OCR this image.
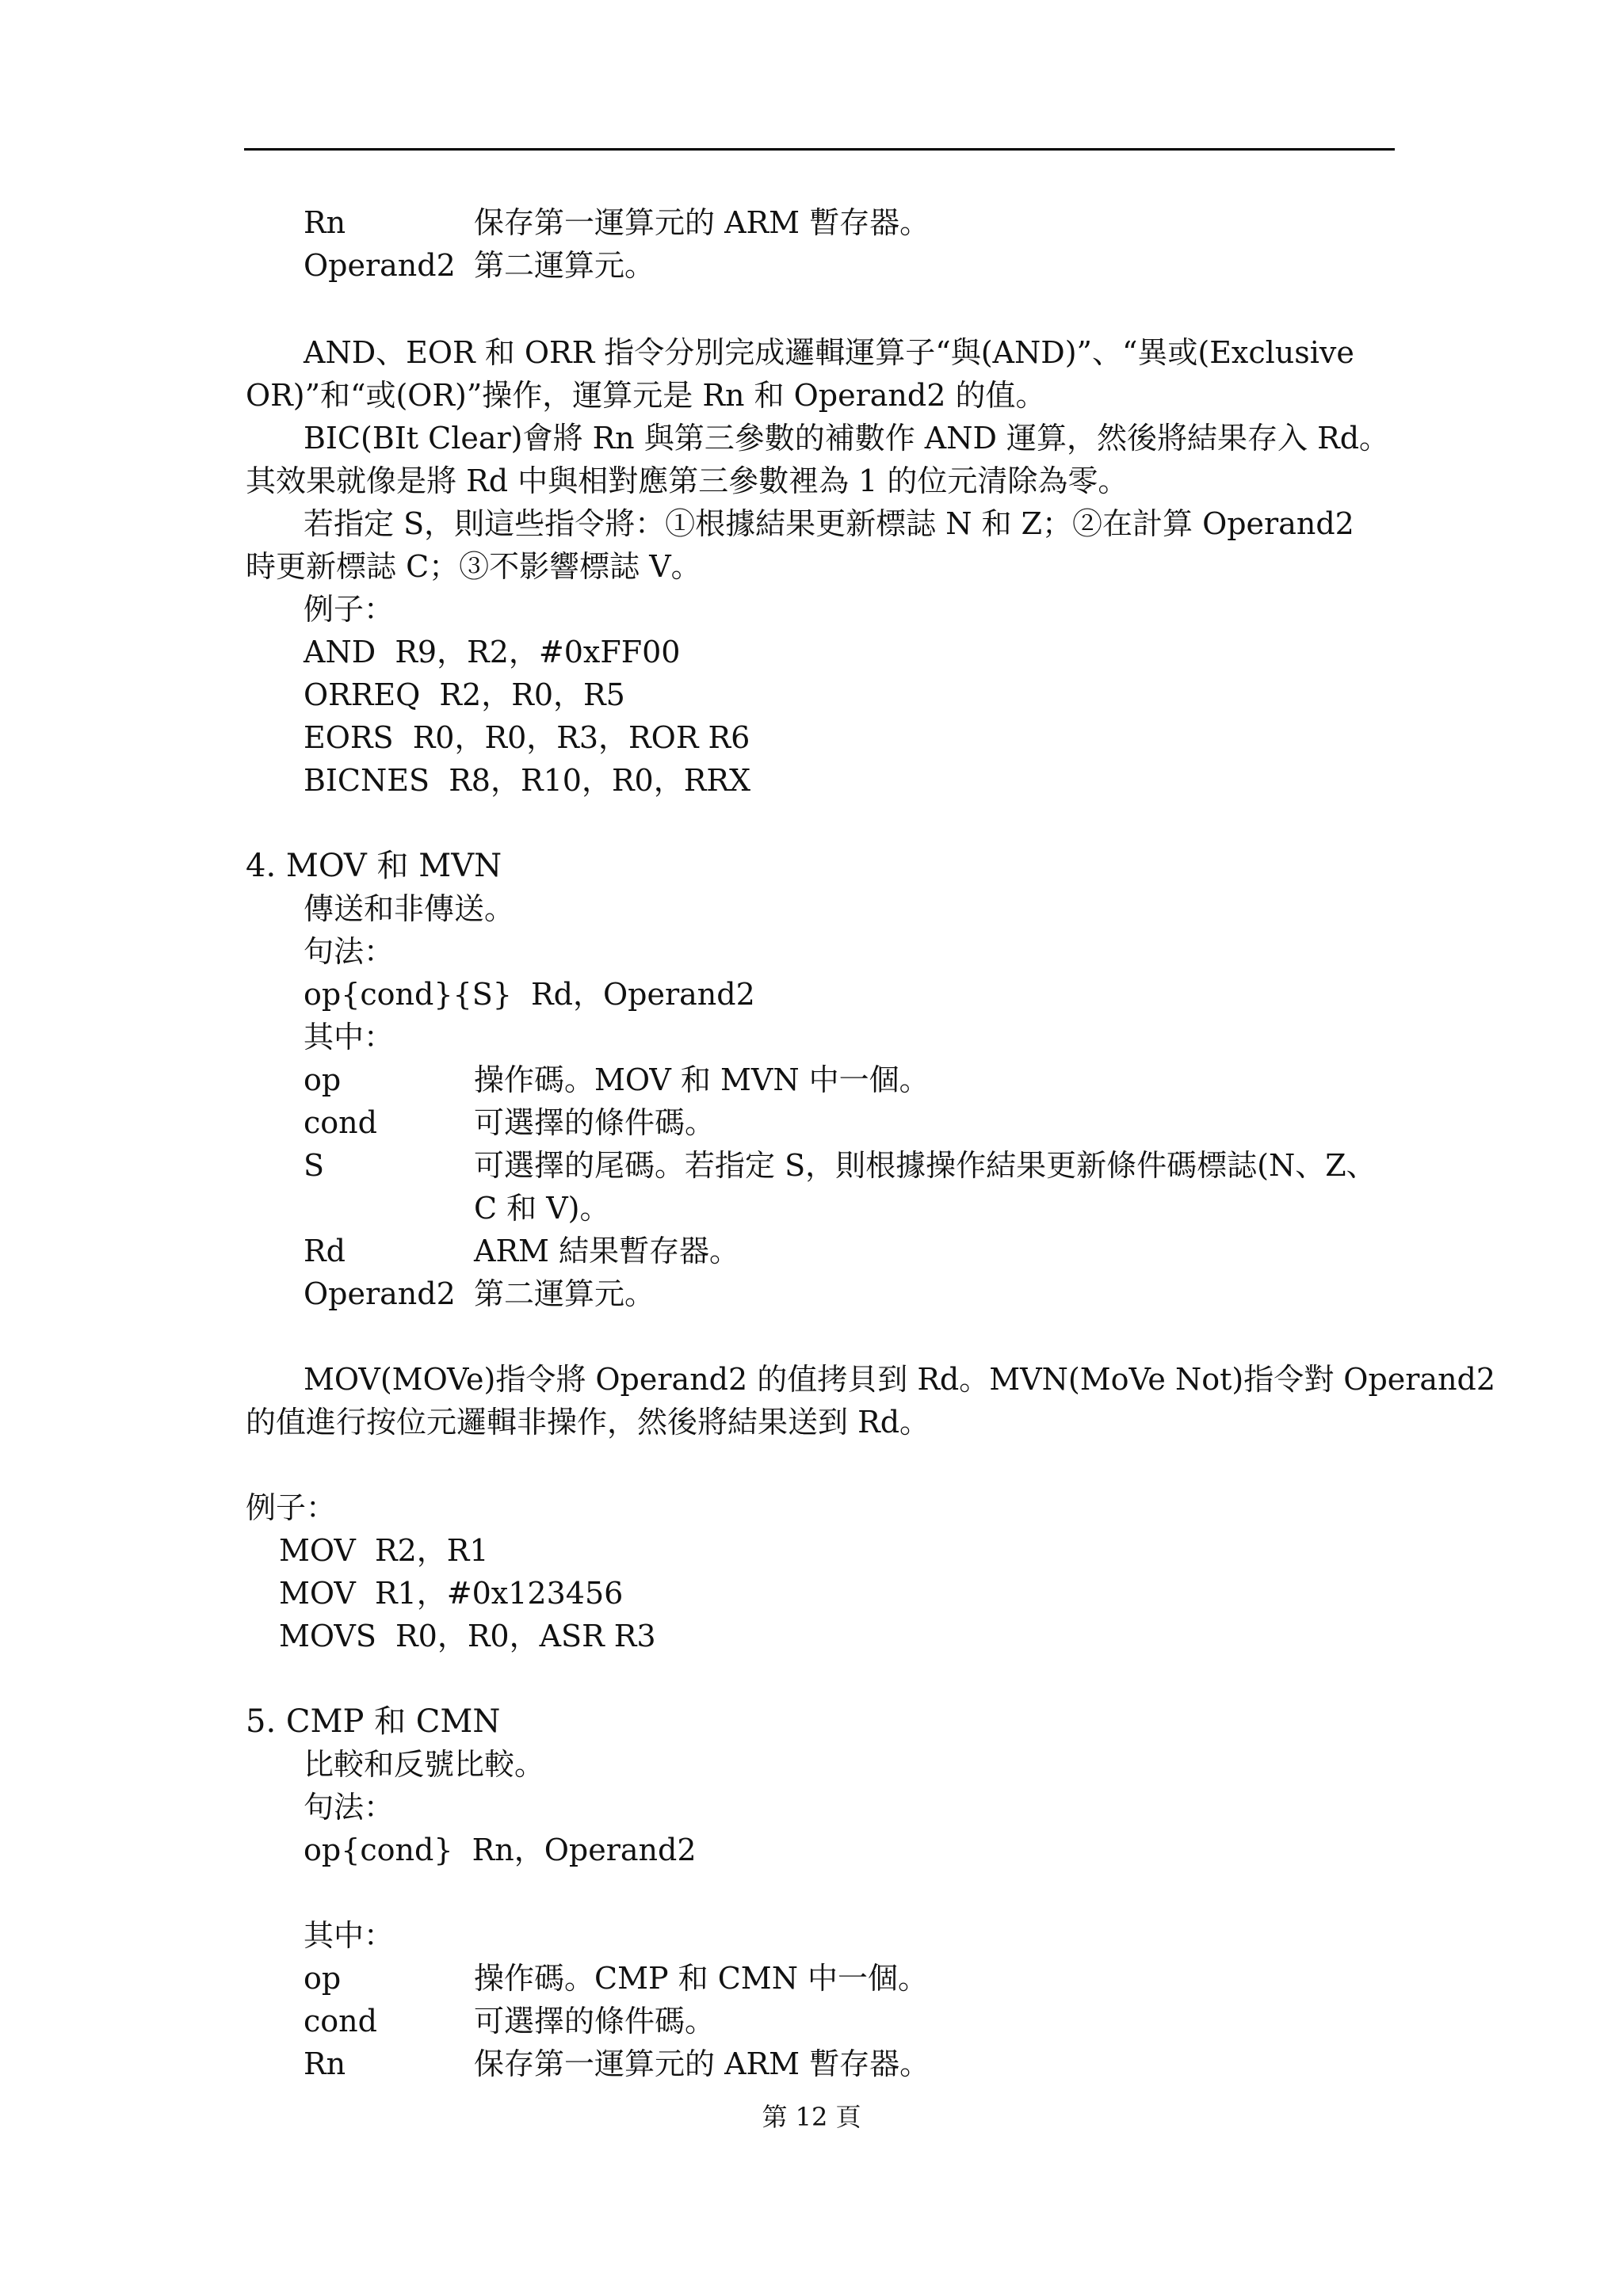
Rn	保存第一運算元的 ARM 暫存器。
Operand2 第二運算元。
AND、EOR 和 ORR 指令分別完成邏輯運算子“與(AND)”、“異或(Exclusive
OR)”和“或(OR)”操作，運算元是 Rn 和 Operand2 的值。
BIC(BIt Clear)會將 Rn 與第三參數的補數作 AND 運算，然後將結果存入 Rd。
其效果就像是將 Rd 中與相對應第三參數裡為 1 的位元清除為零。
若指定 S，則這些指令將：①根據結果更新標誌 N 和 Z；②在計算 Operand2
時更新標誌 C；③不影響標誌 V。
例子：
AND  R9，R2，#0xFF00
ORREQ  R2，R0，R5
EORS  R0，R0，R3，ROR R6
BICNES  R8，R10，R0，RRX
4. MOV 和 MVN
傳送和非傳送。
句法：
op{cond}{S}  Rd，Operand2
其中：
op	操作碼。MOV 和 MVN 中一個。
cond	可選擇的條件碼。
S	可選擇的尾碼。若指定 S，則根據操作結果更新條件碼標誌(N、Z、
C 和 V)。
Rd	ARM 結果暫存器。
Operand2 第二運算元。
MOV(MOVe)指令將 Operand2 的值拷貝到 Rd。MVN(MoVe Not)指令對 Operand2
的值進行按位元邏輯非操作，然後將結果送到 Rd。
例子：
MOV  R2，R1
MOV  R1，#0x123456
MOVS  R0，R0，ASR R3
5. CMP 和 CMN
比較和反號比較。
句法：
op{cond}  Rn，Operand2
其中：
op	操作碼。CMP 和 CMN 中一個。
cond	可選擇的條件碼。
Rn	保存第一運算元的 ARM 暫存器。
第 12 頁
